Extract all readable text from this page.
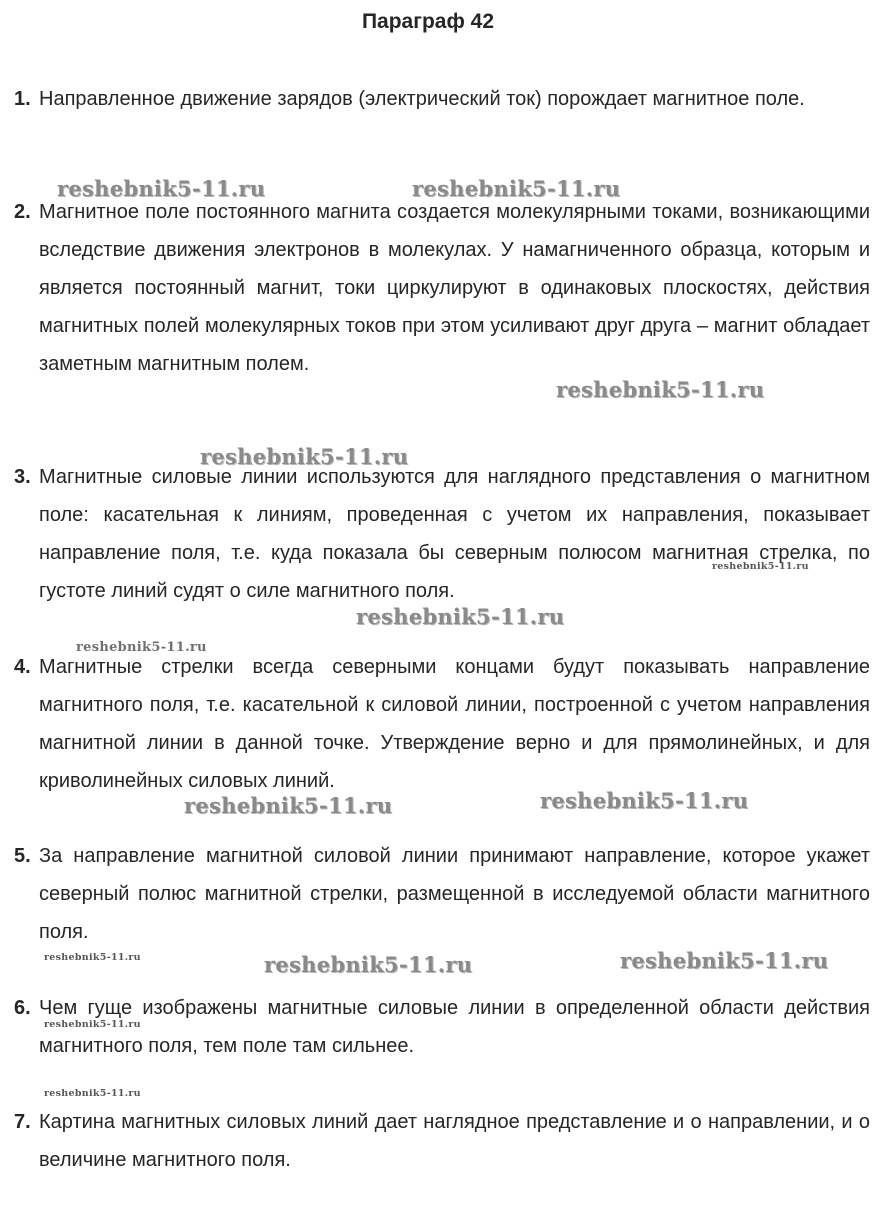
Параграф 42
1. Направленное движение зарядов (электрический ток) порождает магнитное поле.
2. Магнитное поле постоянного магнита создается молекулярными токами, возникающими вследствие движения электронов в молекулах. У намагниченного образца, которым и является постоянный магнит, токи циркулируют в одинаковых плоскостях, действия магнитных полей молекулярных токов при этом усиливают друг друга – магнит обладает заметным магнитным полем.
3. Магнитные силовые линии используются для наглядного представления о магнитном поле: касательная к линиям, проведенная с учетом их направления, показывает направление поля, т.е. куда показала бы северным полюсом магнитная стрелка, по густоте линий судят о силе магнитного поля.
4. Магнитные стрелки всегда северными концами будут показывать направление магнитного поля, т.е. касательной к силовой линии, построенной с учетом направления магнитной линии в данной точке. Утверждение верно и для прямолинейных, и для криволинейных силовых линий.
5. За направление магнитной силовой линии принимают направление, которое укажет северный полюс магнитной стрелки, размещенной в исследуемой области магнитного поля.
6. Чем гуще изображены магнитные силовые линии в определенной области действия магнитного поля, тем поле там сильнее.
7. Картина магнитных силовых линий дает наглядное представление и о направлении, и о величине магнитного поля.
reshebnik5-11.ru	reshebnik5-11.ru
reshebnik5-11.ru
reshebnik5-11.ru
reshebnik5-11.ru
reshebnik5-11.ru
reshebnik5-11.ru
reshebnik5-11.ru	reshebnik5-11.ru
reshebnik5-11.ru	reshebnik5-11.ru	reshebnik5-11.ru
reshebnik5-11.ru
reshebnik5-11.ru
